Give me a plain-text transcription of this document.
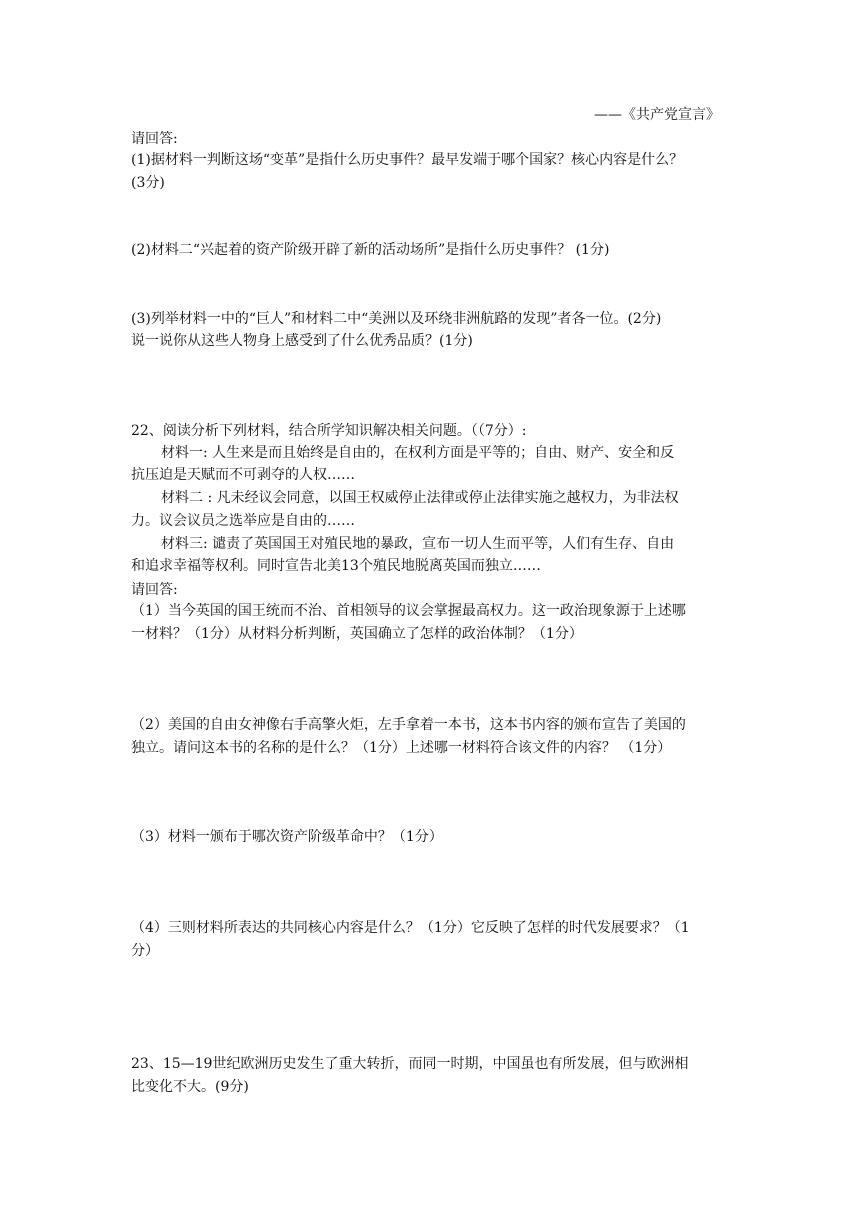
——《共产党宣言》
请回答:
(1)据材料一判断这场“变革”是指什么历史事件？最早发端于哪个国家？核心内容是什么？
(3分)
(2)材料二“兴起着的资产阶级开辟了新的活动场所”是指什么历史事件？ (1分)
(3)列举材料一中的“巨人”和材料二中“美洲以及环绕非洲航路的发现”者各一位。(2分)
说一说你从这些人物身上感受到了什么优秀品质？(1分)
22、阅读分析下列材料，结合所学知识解决相关问题。（（7分）:
材料一: 人生来是而且始终是自由的，在权利方面是平等的；自由、财产、安全和反
抗压迫是天赋而不可剥夺的人权……
材料二 : 凡未经议会同意，以国王权威停止法律或停止法律实施之越权力，为非法权
力。议会议员之选举应是自由的……
材料三: 谴责了英国国王对殖民地的暴政，宣布一切人生而平等，人们有生存、自由
和追求幸福等权利。同时宣告北美13个殖民地脱离英国而独立……
请回答:
（1）当今英国的国王统而不治、首相领导的议会掌握最高权力。这一政治现象源于上述哪
一材料？（1分）从材料分析判断，英国确立了怎样的政治体制？（1分）
（2）美国的自由女神像右手高擎火炬，左手拿着一本书，这本书内容的颁布宣告了美国的
独立。请问这本书的名称的是什么？（1分）上述哪一材料符合该文件的内容？ （1分）
（3）材料一颁布于哪次资产阶级革命中？（1分）
（4）三则材料所表达的共同核心内容是什么？（1分）它反映了怎样的时代发展要求？（1
分）
23、15—19世纪欧洲历史发生了重大转折，而同一时期，中国虽也有所发展，但与欧洲相
比变化不大。(9分)
